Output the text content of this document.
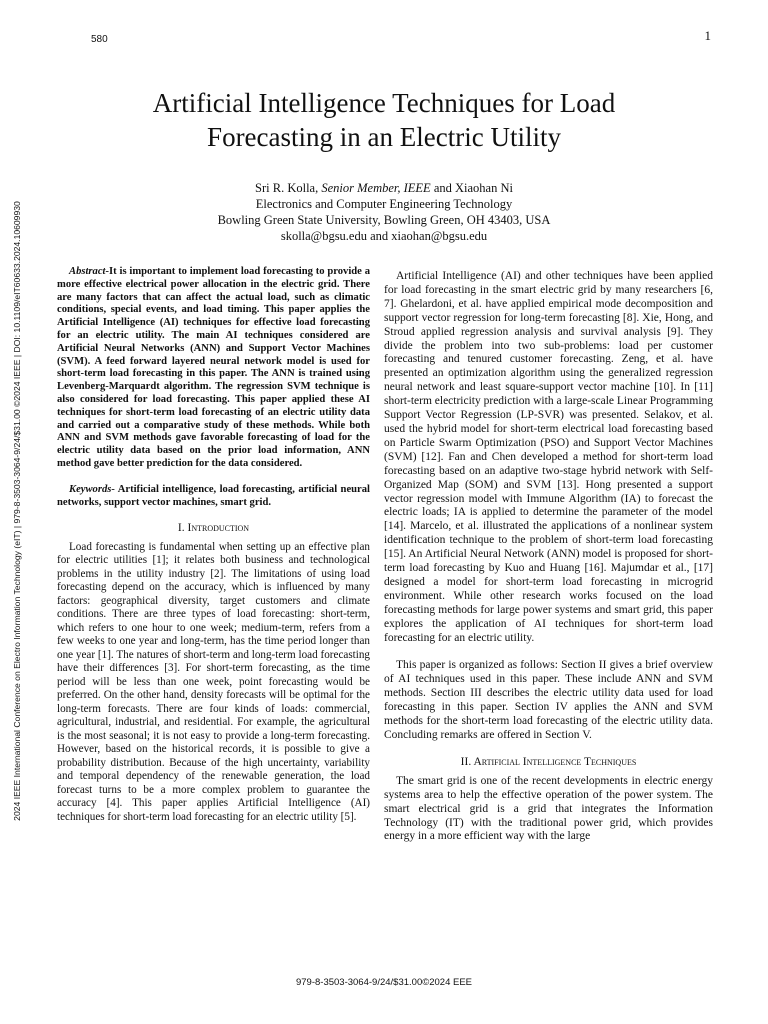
580	1
2024 IEEE International Conference on Electro Information Technology (eIT) | 979-8-3503-3064-9/24/$31.00 ©2024 IEEE | DOI: 10.1109/eIT60633.2024.10609930
Artificial Intelligence Techniques for Load Forecasting in an Electric Utility
Sri R. Kolla, Senior Member, IEEE and Xiaohan Ni
Electronics and Computer Engineering Technology
Bowling Green State University, Bowling Green, OH 43403, USA
skolla@bgsu.edu and xiaohan@bgsu.edu

Abstract-It is important to implement load forecasting to provide a more effective electrical power allocation in the electric grid. There are many factors that can affect the actual load, such as climatic conditions, special events, and load timing. This paper applies the Artificial Intelligence (AI) techniques for effective load forecasting for an electric utility. The main AI techniques considered are Artificial Neural Networks (ANN) and Support Vector Machines (SVM). A feed forward layered neural network model is used for short-term load forecasting in this paper. The ANN is trained using Levenberg-Marquardt algorithm. The regression SVM technique is also considered for load forecasting. This paper applied these AI techniques for short-term load forecasting of an electric utility data and carried out a comparative study of these methods. While both ANN and SVM methods gave favorable forecasting of load for the electric utility data based on the prior load information, ANN method gave better prediction for the data considered.

Keywords- Artificial intelligence, load forecasting, artificial neural networks, support vector machines, smart grid.

I. Introduction

Load forecasting is fundamental when setting up an effective plan for electric utilities [1]; it relates both business and technological problems in the utility industry [2]. The limitations of using load forecasting depend on the accuracy, which is influenced by many factors: geographical diversity, target customers and climate conditions. There are three types of load forecasting: short-term, which refers to one hour to one week; medium-term, refers from a few weeks to one year and long-term, has the time period longer than one year [1]. The natures of short-term and long-term load forecasting have their differences [3]. For short-term forecasting, as the time period will be less than one week, point forecasting would be preferred. On the other hand, density forecasts will be optimal for the long-term forecasts. There are four kinds of loads: commercial, agricultural, industrial, and residential. For example, the agricultural is the most seasonal; it is not easy to provide a long-term forecasting. However, based on the historical records, it is possible to give a probability distribution. Because of the high uncertainty, variability and temporal dependency of the renewable generation, the load forecast turns to be a more complex problem to guarantee the accuracy [4]. This paper applies Artificial Intelligence (AI) techniques for short-term load forecasting for an electric utility [5].

Artificial Intelligence (AI) and other techniques have been applied for load forecasting in the smart electric grid by many researchers [6, 7]. Ghelardoni, et al. have applied empirical mode decomposition and support vector regression for long-term forecasting [8]. Xie, Hong, and Stroud applied regression analysis and survival analysis [9]. They divide the problem into two sub-problems: load per customer forecasting and tenured customer forecasting. Zeng, et al. have presented an optimization algorithm using the generalized regression neural network and least square-support vector machine [10]. In [11] short-term electricity prediction with a large-scale Linear Programming Support Vector Regression (LP-SVR) was presented. Selakov, et al. used the hybrid model for short-term electrical load forecasting based on Particle Swarm Optimization (PSO) and Support Vector Machines (SVM) [12]. Fan and Chen developed a method for short-term load forecasting based on an adaptive two-stage hybrid network with Self-Organized Map (SOM) and SVM [13]. Hong presented a support vector regression model with Immune Algorithm (IA) to forecast the electric loads; IA is applied to determine the parameter of the model [14]. Marcelo, et al. illustrated the applications of a nonlinear system identification technique to the problem of short-term load forecasting [15]. An Artificial Neural Network (ANN) model is proposed for short-term load forecasting by Kuo and Huang [16]. Majumdar et al., [17] designed a model for short-term load forecasting in microgrid environment. While other research works focused on the load forecasting methods for large power systems and smart grid, this paper explores the application of AI techniques for short-term load forecasting for an electric utility.

This paper is organized as follows: Section II gives a brief overview of AI techniques used in this paper. These include ANN and SVM methods. Section III describes the electric utility data used for load forecasting in this paper. Section IV applies the ANN and SVM methods for the short-term load forecasting of the electric utility data. Concluding remarks are offered in Section V.

II. Artificial Intelligence Techniques

The smart grid is one of the recent developments in electric energy systems area to help the effective operation of the power system. The smart electrical grid is a grid that integrates the Information Technology (IT) with the traditional power grid, which provides energy in a more efficient way with the large

979-8-3503-3064-9/24/$31.00©2024 EEE
